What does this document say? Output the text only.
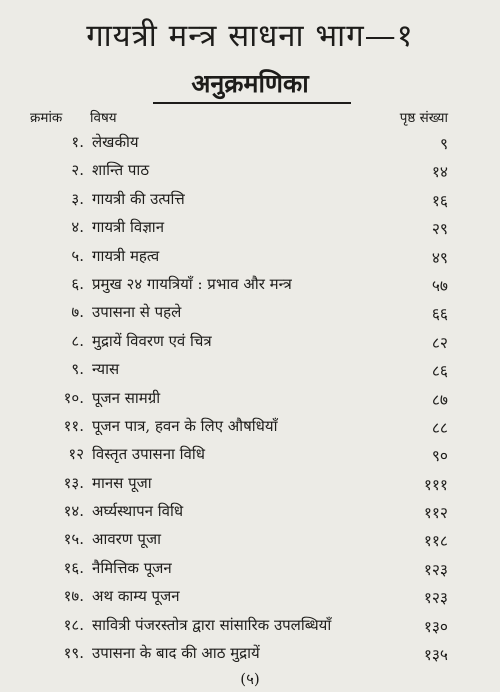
गायत्री मन्त्र साधना भाग—१
अनुक्रमणिका
क्रमांक विषय	पृष्ठ संख्या
१. लेखकीय	९
२. शान्ति पाठ	१४
३. गायत्री की उत्पत्ति	१६
४. गायत्री विज्ञान	२९
५. गायत्री महत्व	४९
६. प्रमुख २४ गायत्रियाँ : प्रभाव और मन्त्र	५७
७. उपासना से पहले	६६
८. मुद्रायें विवरण एवं चित्र	८२
९. न्यास	८६
१०. पूजन सामग्री	८७
११. पूजन पात्र, हवन के लिए औषधियाँ	८८
१२ विस्तृत उपासना विधि	९०
१३. मानस पूजा	१११
१४. अर्घ्यस्थापन विधि	११२
१५. आवरण पूजा	११८
१६. नैमित्तिक पूजन	१२३
१७. अथ काम्य पूजन	१२३
१८. सावित्री पंजरस्तोत्र द्वारा सांसारिक उपलब्धियाँ	१३०
१९. उपासना के बाद की आठ मुद्रायें	१३५
(५)
